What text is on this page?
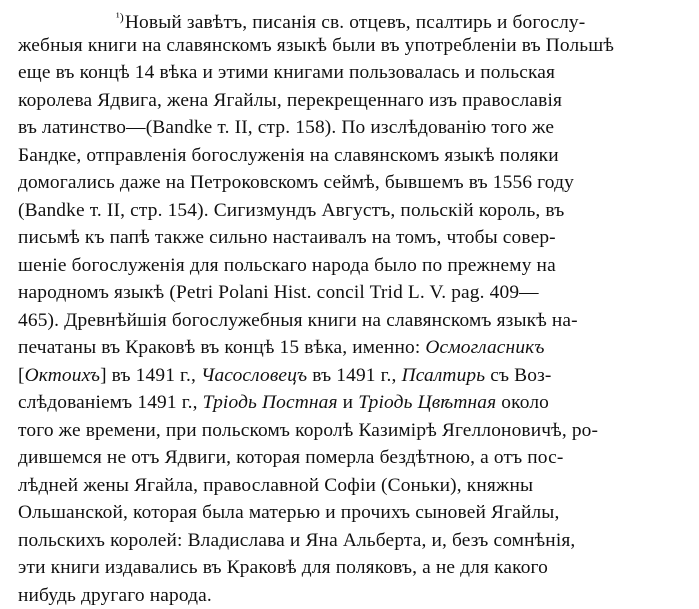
$^{^1)}$Новый завѣтъ, писанія св. отцевъ, псалтирь и богослу-
жебныя книги на славянскомъ языкѣ были въ употребленіи въ Польшѣ
еще въ концѣ 14 вѣка и этими книгами пользовалась и польская
королева Ядвига, жена Ягайлы, перекрещеннаго изъ православія
въ латинство—(Bandke т. II, стр. 158). По изслѣдованію того же
Бандке, отправленія богослуженія на славянскомъ языкѣ поляки
домогались даже на Петроковскомъ сеймѣ, бывшемъ въ 1556 году
(Bandke т. II, стр. 154). Сигизмундъ Августъ, польскій король, въ
письмѣ къ папѣ также сильно настаивалъ на томъ, чтобы совер-
шеніе богослуженія для польскаго народа было по прежнему на
народномъ языкѣ (Petri Polani Hist. concil Trid L. V. pag. 409—
465). Древнѣйшія богослужебныя книги на славянскомъ языкѣ на-
печатаны въ Краковѣ въ концѣ 15 вѣка, именно: Осмогласникъ
[Октоихъ] въ 1491 г., Часословецъ въ 1491 г., Псалтирь съ Воз-
слѣдованіемъ 1491 г., Тріодь Постная и Тріодь Цвѣтная около
того же времени, при польскомъ королѣ Казимірѣ Ягеллоновичѣ, ро-
дившемся не отъ Ядвиги, которая померла бездѣтною, а отъ пос-
лѣдней жены Ягайла, православной Софіи (Соньки), княжны
Ольшанской, которая была матерью и прочихъ сыновей Ягайлы,
польскихъ королей: Владислава и Яна Альберта, и, безъ сомнѣнія,
эти книги издавались въ Краковѣ для поляковъ, а не для какого
нибудь другаго народа.
